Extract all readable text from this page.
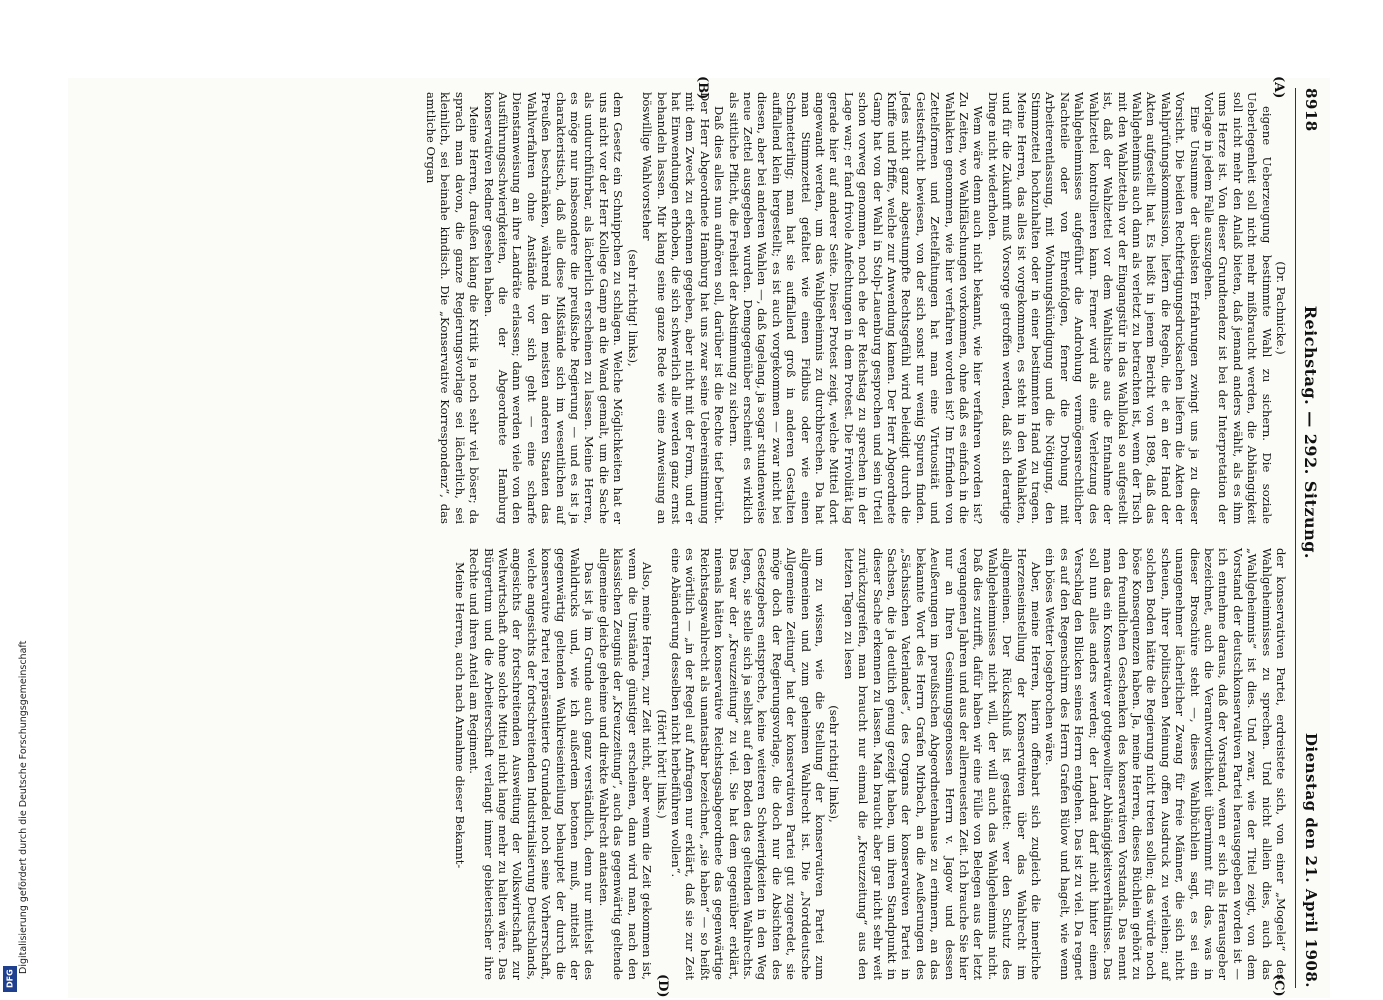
8918
Reichstag. — 292. Sitzung.
Dienstag den 21. April 1908.
(A)
(B)
(C)
(D)

(Dr. Pachnicke.)

eigene Ueberzeugung bestimmte Wahl zu sichern. Die soziale Ueberlegenheit soll nicht mehr mißbraucht werden, die Abhängigkeit soll nicht mehr den Anlaß bieten, daß jemand anders wählt, als es ihm ums Herze ist. Von dieser Grundtendenz ist bei der Interpretation der Vorlage in jedem Falle auszugehen.

Eine Unsumme der übelsten Erfahrungen zwingt uns ja zu dieser Vorsicht. Die beiden Rechtfertigungsdrucksachen liefern die Akten der Wahlprüfungskommission, liefern die Regeln, die et an der Hand der Akten aufgestellt hat. Es heißt in jenem Bericht von 1898, daß das Wahlgeheimnis auch dann als verletzt zu betrachten ist, wenn der Tisch mit den Wahlzetteln vor der Eingangstür in das Wahllokal so aufgestellt ist, daß der Wahlzettel vor dem Wahltische aus die Entnahme der Wahlzettel kontrollieren kann. Ferner wird als eine Verletzung des Wahlgeheimnisses aufgeführt die Androhung vermögensrechtlicher Nachteile oder von Ehrenfolgen, ferner die Drohung mit Arbeiterentlassung, mit Wohnungskündigung und die Nötigung, den Stimmzettel hochzuhalten oder in einer bestimmten Hand zu tragen. Meine Herren, das alles ist vorgekommen, es steht in den Wahlakten, und für die Zukunft muß Vorsorge getroffen werden, daß sich derartige Dinge nicht wiederholen.

Wem wäre denn auch nicht bekannt, wie hier verfahren worden ist? Zu Zeiten, wo Wahlfälschungen vorkommen, ohne daß es einfach in die Wahlakten genommen, wie hier verfahren worden ist? Im Erfinden von Zettelformen und Zettelfaltungen hat man eine Virtuosität und Geistesfrucht bewiesen, von der sich sonst nur wenig Spuren finden. Jedes nicht ganz abgestumpfte Rechtsgefühl wird beleidigt durch die Kniffe und Pfiffe, welche zur Anwendung kamen. Der Herr Abgeordnete Gamp hat von der Wahl in Stolp-Lauenburg gesprochen und sein Urteil schon vorweg genommen, noch ehe der Reichstag zu sprechen in der Lage war; er fand frivole Anfechtungen in dem Protest. Die Frivolität lag gerade hier auf anderer Seite. Dieser Protest zeigt, welche Mittel dort angewandt werden, um das Wahlgeheimnis zu durchbrechen. Da hat man Stimmzettel gefaltet wie einen Fidibus oder wie einen Schmetterling; man hat sie auffallend groß in anderen Gestalten auffallend klein hergestellt; es ist auch vorgekommen — zwar nicht bei diesen, aber bei anderen Wahlen —, daß tagelang, ja sogar stundenweise neue Zettel ausgegeben wurden. Demgegenüber erscheint es wirklich als sittliche Pflicht, die Freiheit der Abstimmung zu sichern.

Daß dies alles nun aufhören soll, darüber ist die Rechte tief betrübt. Der Herr Abgeordnete Hamburg hat uns zwar seine Uebereinstimmung mit dem Zweck zu erkennen gegeben, aber nicht mit der Form, und er hat Einwendungen erhoben, die sich schwerlich alle werden ganz ernst behandeln lassen. Mir klang seine ganze Rede wie eine Anweisung an böswillige Wahlvorsteher

(sehr richtig! links),

dem Gesetz ein Schnippchen zu schlagen. Welche Möglichkeiten hat er uns nicht vor der Herr Kollege Gamp an die Wand gemalt, um die Sache als undurchführbar, als lächerlich erscheinen zu lassen. Meine Herren, es möge nur insbesondere die preußische Regierung — und es ist ja charakteristisch, daß alle diese Mißstände sich im wesentlichen auf Preußen beschränken, während in den meisten anderen Staaten das Wahlverfahren ohne Anstände vor sich geht — eine scharfe Dienstanweisung an ihre Landräte erlassen; dann werden viele von den Ausführungsschwierigkeiten, die der Abgeordnete Hamburg konservativen Redner gesehen haben.

Meine Herren, draußen klang die Kritik ja noch sehr viel böser; da sprach man davon, die ganze Regierungsvorlage sei lächerlich, sei kleinlich, sei beinahe kindisch. Die „Konservative Korrespondenz“, das amtliche Organ

der konservativen Partei, erdreistete sich, von einer „Mogelei“ des Wahlgeheimnisses zu sprechen. Und nicht allein dies, auch das „Wahlgeheimnis“ ist dies. Und zwar, wie der Titel zeigt, von dem Vorstand der deutschkonservativen Partei herausgegeben worden ist — ich entnehme daraus, daß der Vorstand, wenn er sich als Herausgeber bezeichnet, auch die Verantwortlichkeit übernimmt für das, was in dieser Broschüre steht —, dieses Wahlbüchlein sagt, es sei ein unangenehmer lächerlicher Zwang für freie Männer, die sich nicht scheuen, ihrer politischen Meinung offen Ausdruck zu verleihen; auf solchen Boden hätte die Regierung nicht treten sollen; das würde noch böse Konsequenzen haben. Ja, meine Herren, dieses Büchlein gehört zu den freundlichen Geschenken des konservativen Vorstands. Das nennt man das ein Konservativer gottgewollter Abhängigkeitsverhältnisse. Das soll nun alles anders werden; der Landrat darf nicht hinter einem Verschlag den Blicken seines Herrn entgehen. Das ist zu viel. Da regnet es auf den Regenschirm des Herrn Grafen Bülow und hagelt, wie wenn ein böses Wetter losgebrochen wäre.

Aber, meine Herren, hierin offenbart sich zugleich die innerliche Herzenseinstellung der Konservativen über das Wahlrecht im allgemeinen. Der Rückschluß ist gestattet: wer den Schutz des Wahlgeheimnisses nicht will, der will auch das Wahlgeheimnis nicht. Daß dies zutrifft, dafür haben wir eine Fülle von Belegen aus der letzt vergangenen Jahren und aus der allerneuesten Zeit. Ich brauche Sie hier nur an Ihren Gesinnungsgenossen Herrn v. Jagow und dessen Aeußerungen im preußischen Abgeordnetenhause zu erinnern, an das bekannte Wort des Herrn Grafen Mirbach, an die Aeußerungen des „Sächsischen Vaterlandes“, des Organs der konservativen Partei in Sachsen, die ja deutlich genug gezeigt haben, um ihren Standpunkt in dieser Sache erkennen zu lassen. Man braucht aber gar nicht sehr weit zurückzugreifen, man braucht nur einmal die „Kreuzzeitung“ aus den letzten Tagen zu lesen

(sehr richtig! links),

um zu wissen, wie die Stellung der konservativen Partei zum allgemeinen und zum geheimen Wahlrecht ist. Die „Norddeutsche Allgemeine Zeitung“ hat der konservativen Partei gut zugeredet, sie möge doch der Regierungsvorlage, die doch nur die Absichten des Gesetzgebers entspreche, keine weiteren Schwierigkeiten in den Weg legen, sie stelle sich ja selbst auf den Boden des geltenden Wahlrechts. Das war der „Kreuzzeitung“ zu viel. Sie hat dem gegenüber erklärt, niemals hätten konservative Reichstagsabgeordnete das gegenwärtige Reichstagswahlrecht als unantastbar bezeichnet, „sie haben“ — so heißt es wörtlich — „in der Regel auf Anfragen nur erklärt, daß sie zur Zeit eine Abänderung desselben nicht herbeiführen wollen“.

(Hört! hört! links.)

Also, meine Herren, zur Zeit nicht, aber wenn die Zeit gekommen ist, wenn die Umstände günstiger erscheinen, dann wird man, nach den klassischen Zeugnis der „Kreuzzeitung“, auch das gegenwärtig geltende allgemeine gleiche geheime und direkte Wahlrecht antasten.

Das ist ja im Grunde auch ganz verständlich, denn nur mittelst des Wahldrucks und, wie ich außerdem betonen muß, mittelst der gegenwärtig geltenden Wahlkreiseinteilung behauptet der durch die konservative Partei repräsentierte Grundadel noch seine Vorherrschaft, welche angesichts der fortschreitenden Industrialisierung Deutschlands, angesichts der fortschreitenden Ausweitung der Volkswirtschaft zur Weltwirtschaft ohne solche Mittel nicht lange mehr zu halten wäre. Das Bürgertum und die Arbeiterschaft verlangt immer gebieterischer ihre Rechte und ihren Anteil am Regiment.

Meine Herren, auch nach Annahme dieser Bekannt-

Digitalisierung gefördert durch die Deutsche Forschungsgemeinschaft
DFG
